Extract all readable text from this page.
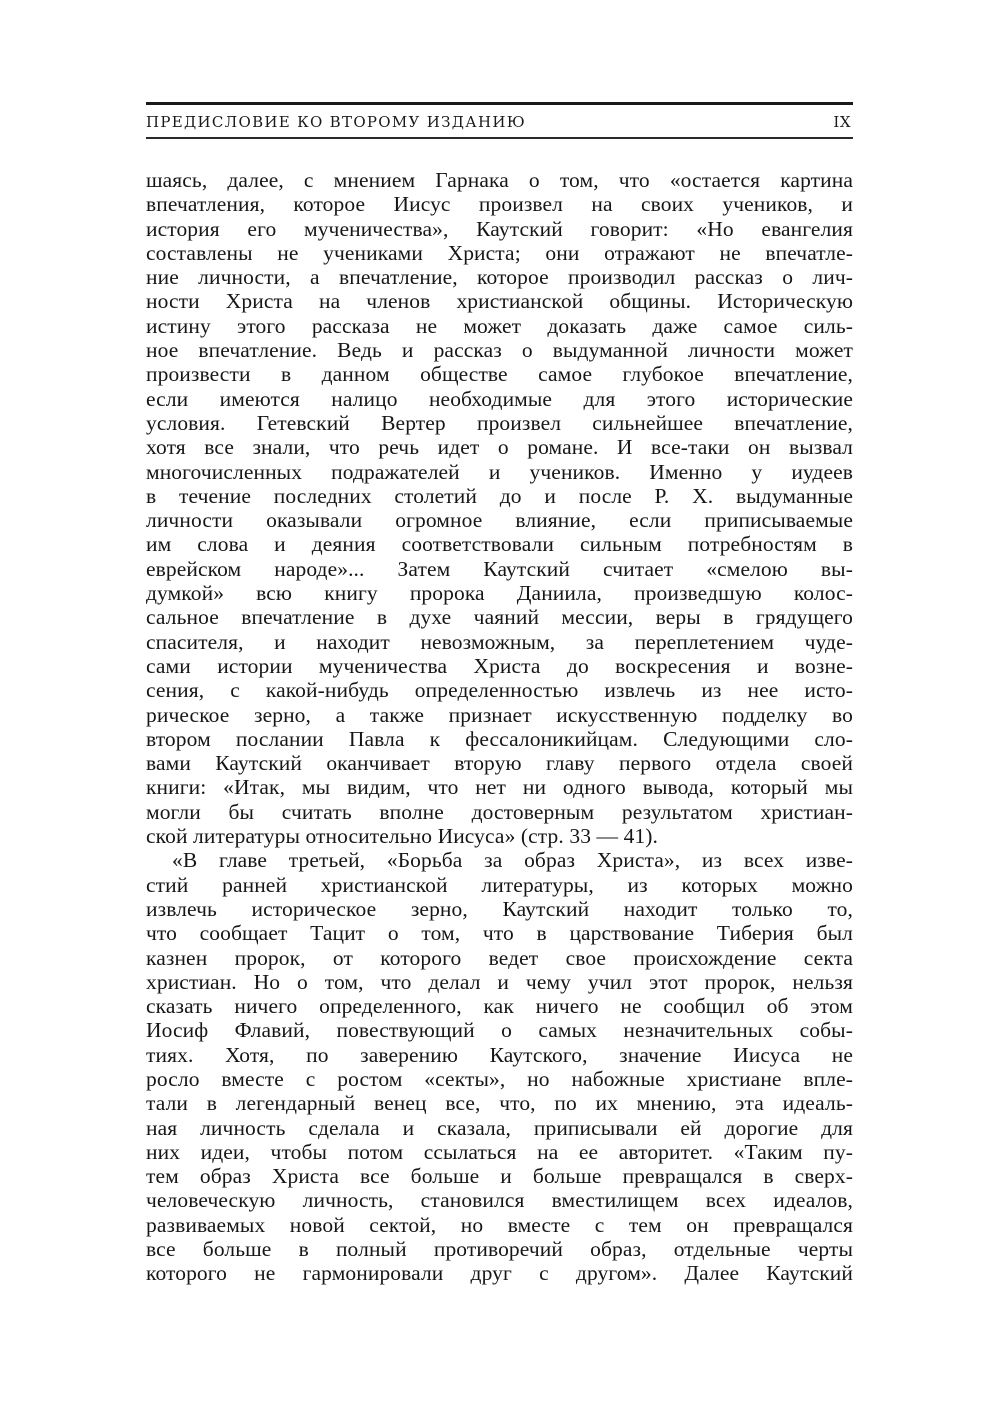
ПРЕДИСЛОВИЕ КО ВТОРОМУ ИЗДАНИЮ	IX
шаясь, далее, с мнением Гарнака о том, что «остается картина
впечатления, которое Иисус произвел на своих учеников, и
история его мученичества», Каутский говорит: «Но евангелия
составлены не учениками Христа; они отражают не впечатле-
ние личности, а впечатление, которое производил рассказ о лич-
ности Христа на членов христианской общины. Историческую
истину этого рассказа не может доказать даже самое силь-
ное впечатление. Ведь и рассказ о выдуманной личности может
произвести в данном обществе самое глубокое впечатление,
если имеются налицо необходимые для этого исторические
условия. Гетевский Вертер произвел сильнейшее впечатление,
хотя все знали, что речь идет о романе. И все-таки он вызвал
многочисленных подражателей и учеников. Именно у иудеев
в течение последних столетий до и после Р. Х. выдуманные
личности оказывали огромное влияние, если приписываемые
им слова и деяния соответствовали сильным потребностям в
еврейском народе»... Затем Каутский считает «смелою вы-
думкой» всю книгу пророка Даниила, произведшую колос-
сальное впечатление в духе чаяний мессии, веры в грядущего
спасителя, и находит невозможным, за переплетением чуде-
сами истории мученичества Христа до воскресения и возне-
сения, с какой-нибудь определенностью извлечь из нее исто-
рическое зерно, а также признает искусственную подделку во
втором послании Павла к фессалоникийцам. Следующими сло-
вами Каутский оканчивает вторую главу первого отдела своей
книги: «Итак, мы видим, что нет ни одного вывода, который мы
могли бы считать вполне достоверным результатом христиан-
ской литературы относительно Иисуса» (стр. 33 — 41).
«В главе третьей, «Борьба за образ Христа», из всех изве-
стий ранней христианской литературы, из которых можно
извлечь историческое зерно, Каутский находит только то,
что сообщает Тацит о том, что в царствование Тиберия был
казнен пророк, от которого ведет свое происхождение секта
христиан. Но о том, что делал и чему учил этот пророк, нельзя
сказать ничего определенного, как ничего не сообщил об этом
Иосиф Флавий, повествующий о самых незначительных собы-
тиях. Хотя, по заверению Каутского, значение Иисуса не
росло вместе с ростом «секты», но набожные христиане впле-
тали в легендарный венец все, что, по их мнению, эта идеаль-
ная личность сделала и сказала, приписывали ей дорогие для
них идеи, чтобы потом ссылаться на ее авторитет. «Таким пу-
тем образ Христа все больше и больше превращался в сверх-
человеческую личность, становился вместилищем всех идеалов,
развиваемых новой сектой, но вместе с тем он превращался
все больше в полный противоречий образ, отдельные черты
которого не гармонировали друг с другом». Далее Каутский
